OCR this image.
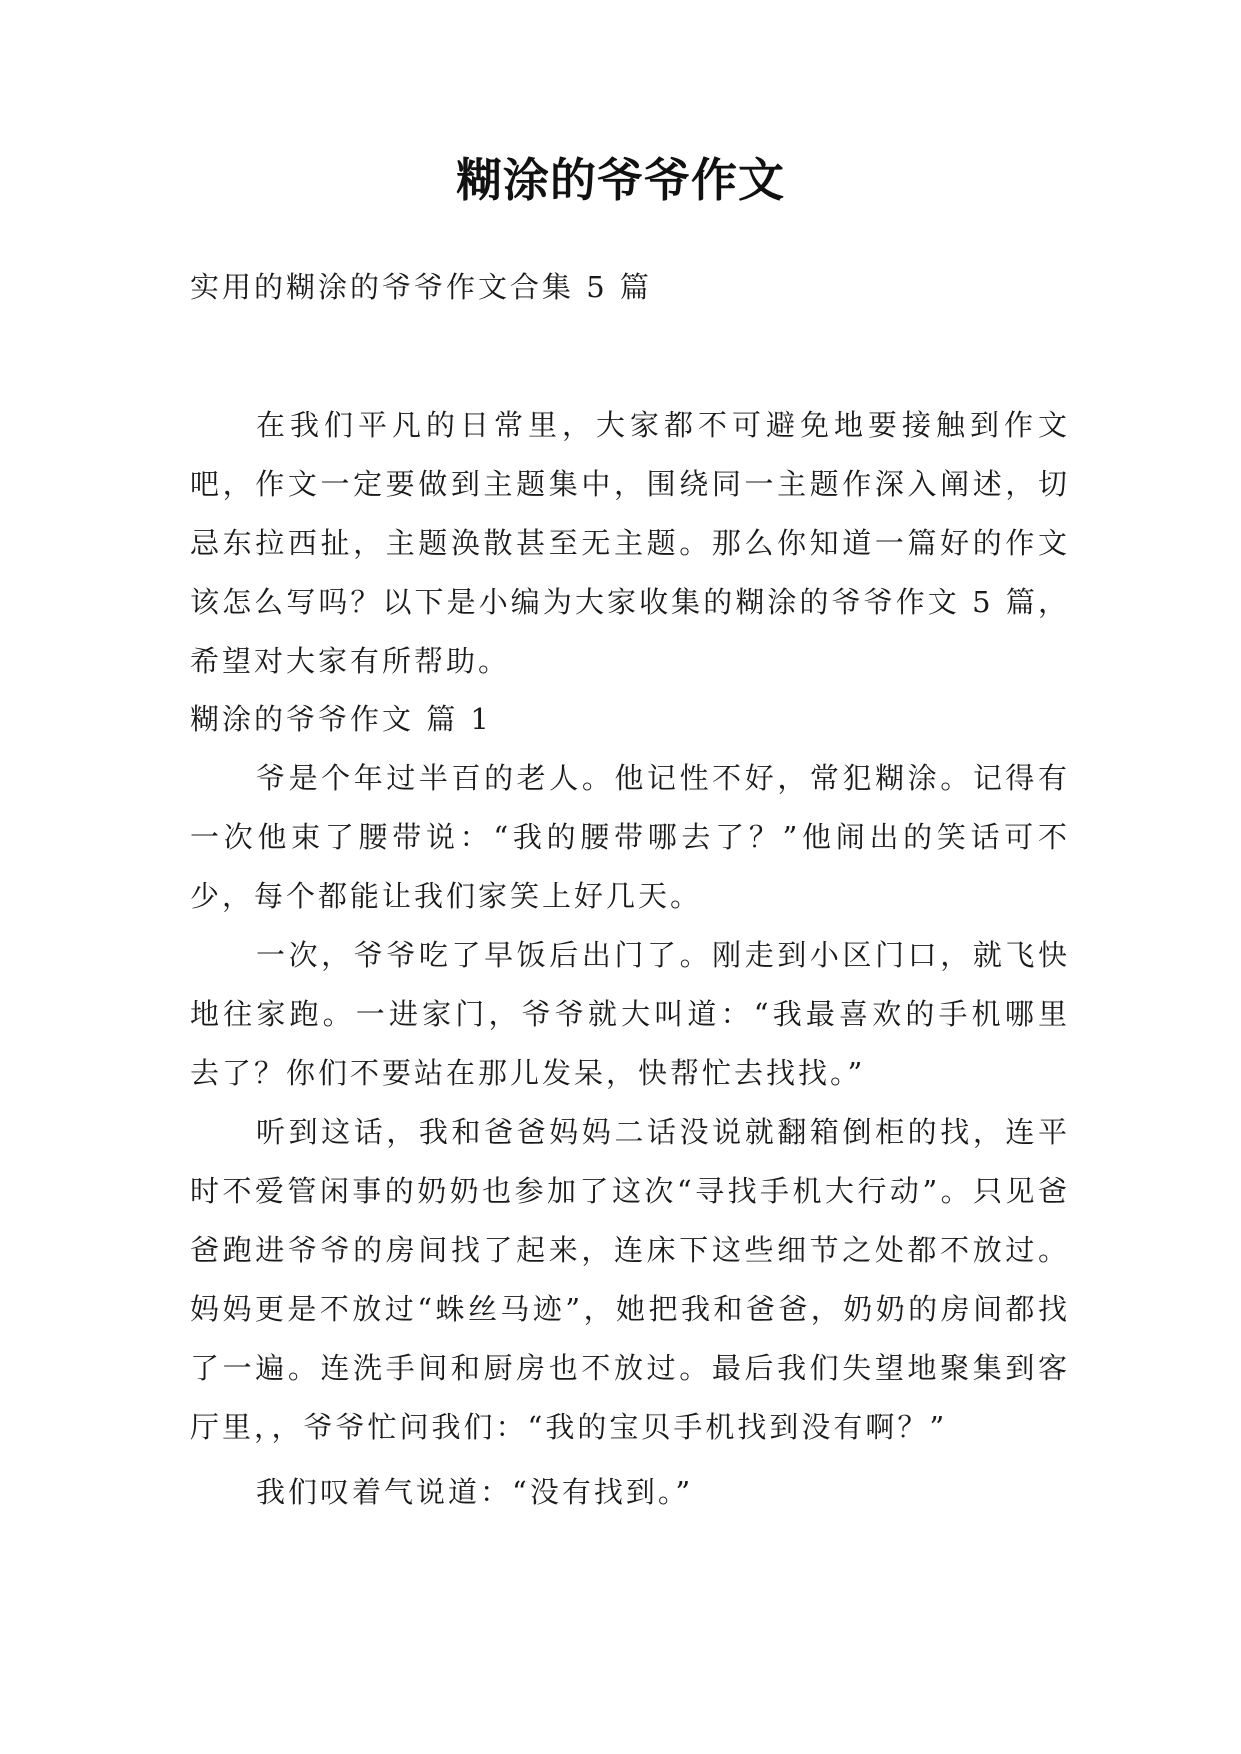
糊涂的爷爷作文
实用的糊涂的爷爷作文合集 5 篇

在我们平凡的日常里，大家都不可避免地要接触到作文吧，作文一定要做到主题集中，围绕同一主题作深入阐述，切忌东拉西扯，主题涣散甚至无主题。那么你知道一篇好的作文该怎么写吗？以下是小编为大家收集的糊涂的爷爷作文 5 篇，希望对大家有所帮助。

糊涂的爷爷作文 篇 1

爷是个年过半百的老人。他记性不好，常犯糊涂。记得有一次他束了腰带说：“我的腰带哪去了？”他闹出的笑话可不少，每个都能让我们家笑上好几天。

一次，爷爷吃了早饭后出门了。刚走到小区门口，就飞快地往家跑。一进家门，爷爷就大叫道：“我最喜欢的手机哪里去了？你们不要站在那儿发呆，快帮忙去找找。”

听到这话，我和爸爸妈妈二话没说就翻箱倒柜的找，连平时不爱管闲事的奶奶也参加了这次“寻找手机大行动”。只见爸爸跑进爷爷的房间找了起来，连床下这些细节之处都不放过。妈妈更是不放过“蛛丝马迹”，她把我和爸爸，奶奶的房间都找了一遍。连洗手间和厨房也不放过。最后我们失望地聚集到客厅里，，爷爷忙问我们：“我的宝贝手机找到没有啊？”

我们叹着气说道：“没有找到。”
